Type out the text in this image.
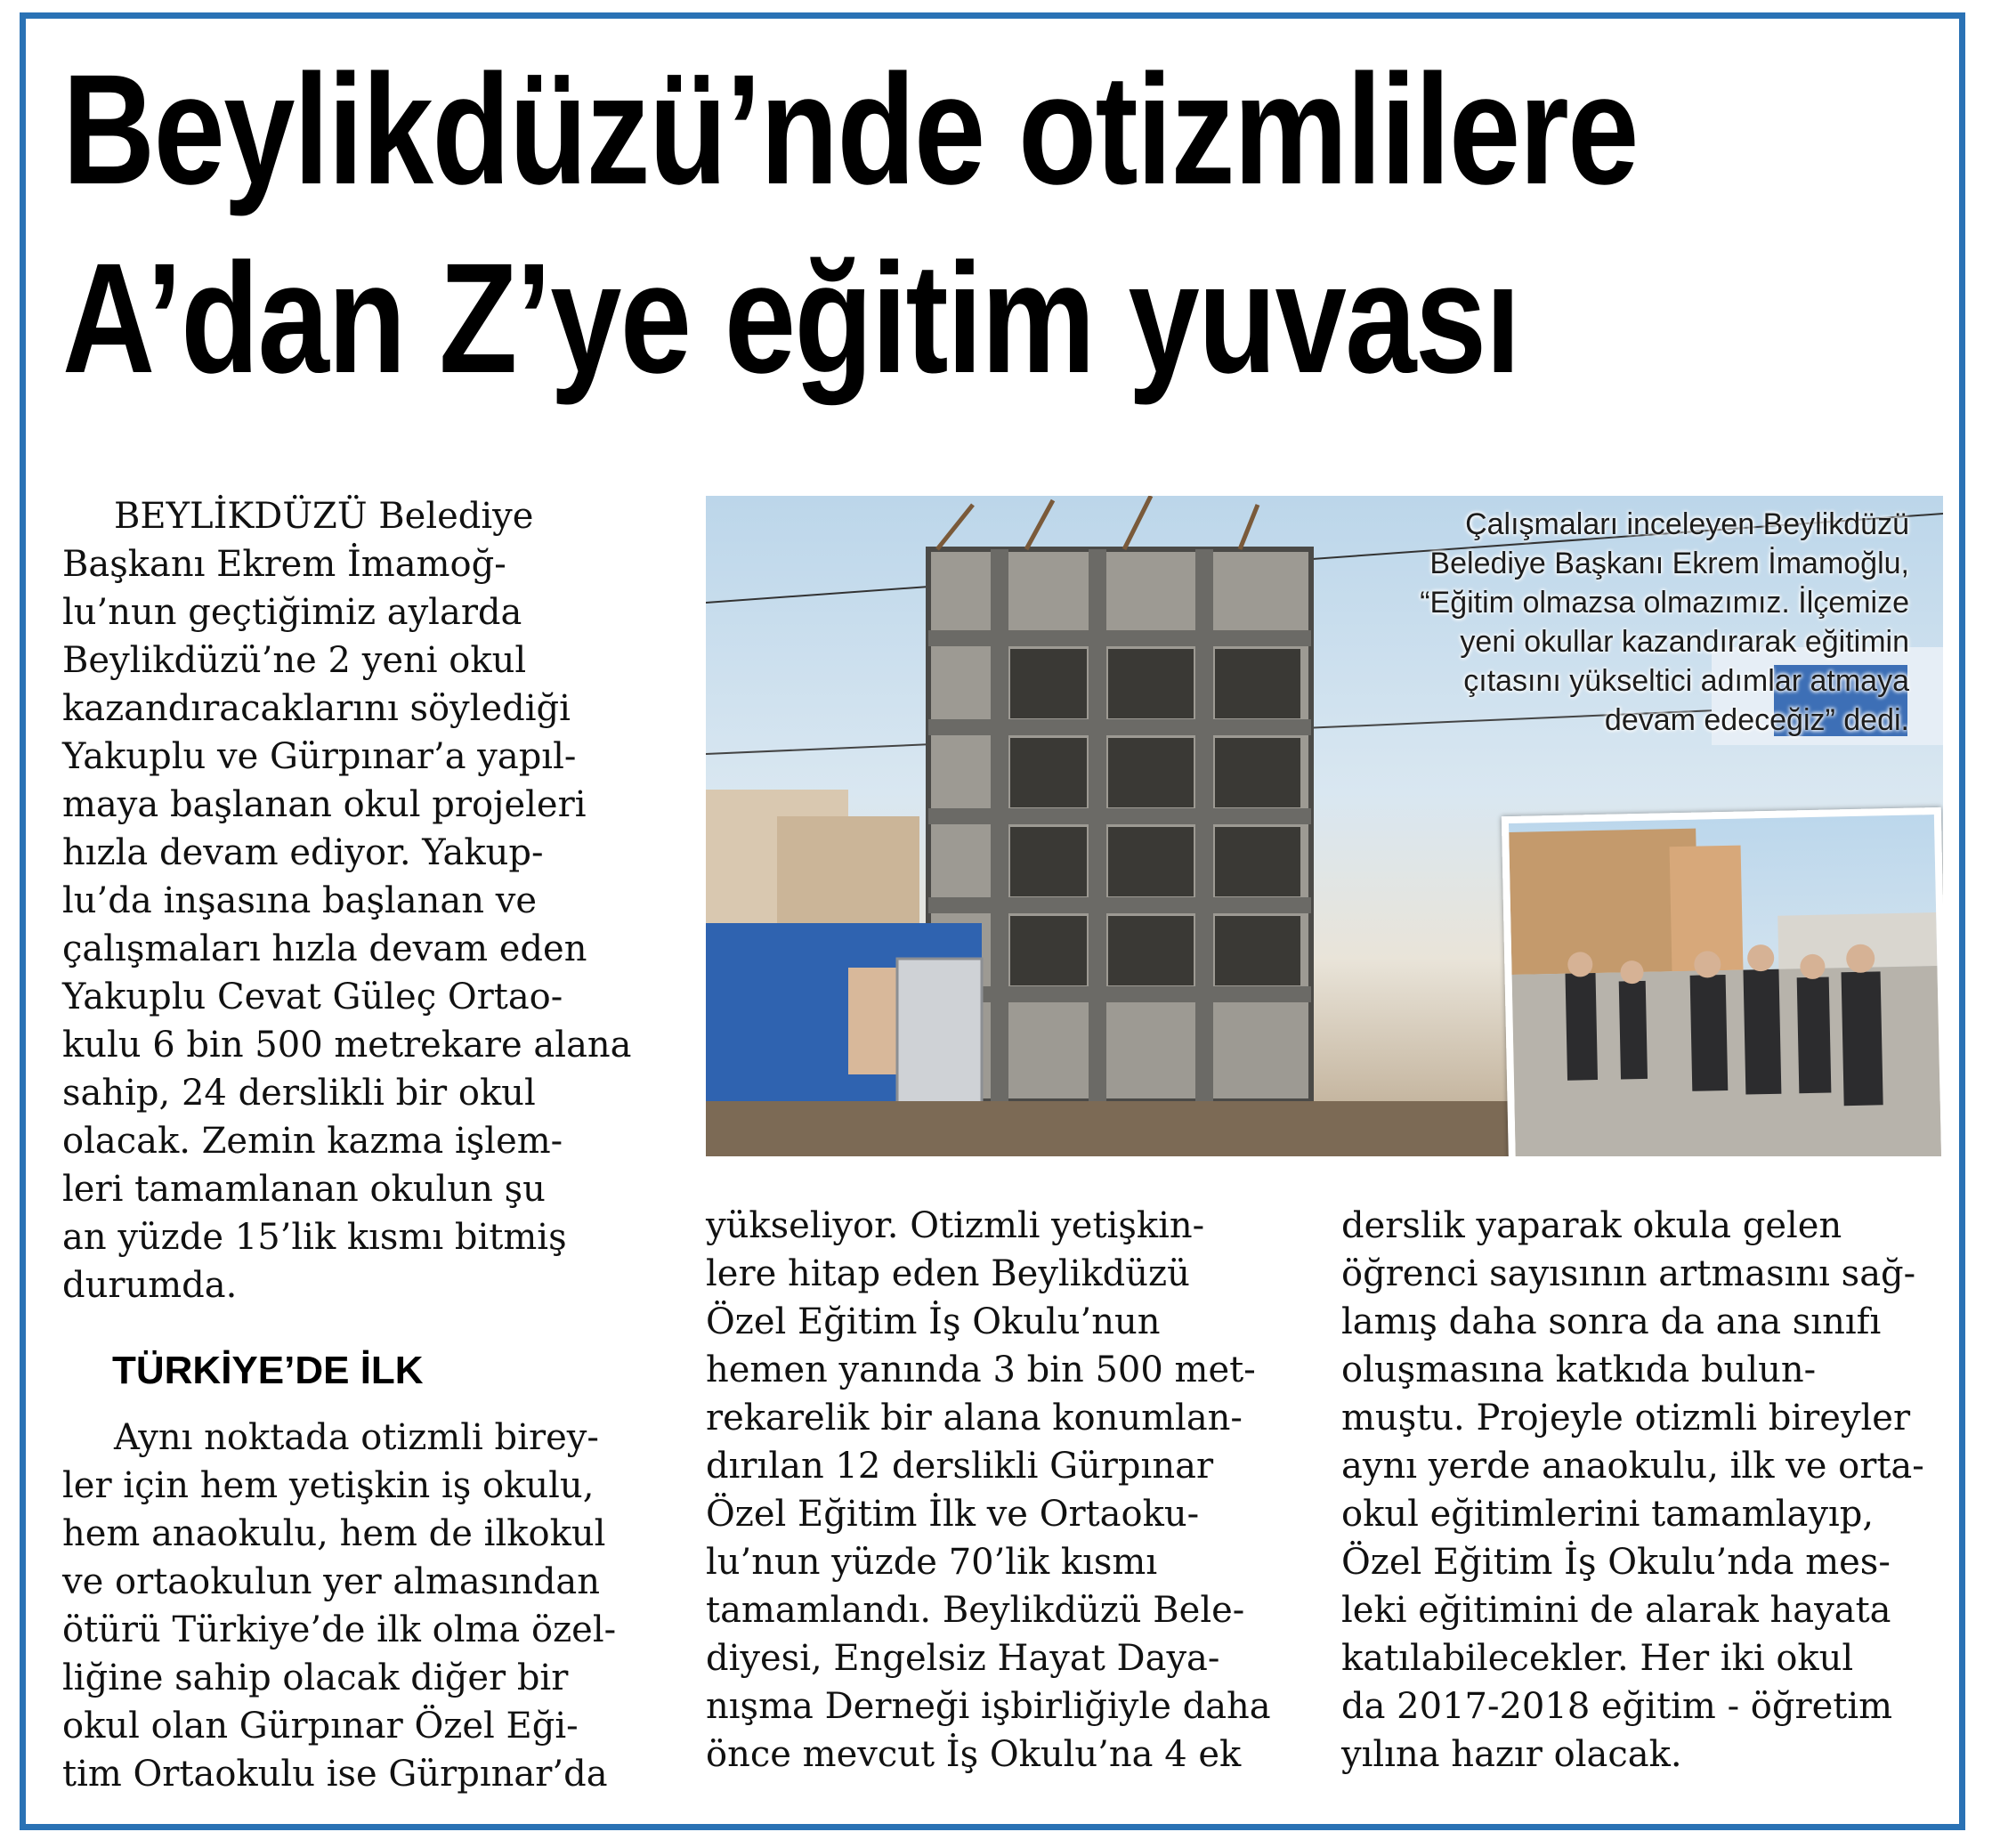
Beylikdüzü’nde otizmlilere
A’dan Z’ye eğitim yuvası

BEYLİKDÜZÜ Belediye

Başkanı Ekrem İmamoğ-

lu’nun geçtiğimiz aylarda

Beylikdüzü’ne 2 yeni okul

kazandıracaklarını söylediği

Yakuplu ve Gürpınar’a yapıl-

maya başlanan okul projeleri

hızla devam ediyor. Yakup-

lu’da inşasına başlanan ve

çalışmaları hızla devam eden

Yakuplu Cevat Güleç Ortao-

kulu 6 bin 500 metrekare alana

sahip, 24 derslikli bir okul

olacak. Zemin kazma işlem-

leri tamamlanan okulun şu

an yüzde 15’lik kısmı bitmiş

durumda.

TÜRKİYE’DE İLK

Aynı noktada otizmli birey-

ler için hem yetişkin iş okulu,

hem anaokulu, hem de ilkokul

ve ortaokulun yer almasından

ötürü Türkiye’de ilk olma özel-

liğine sahip olacak diğer bir

okul olan Gürpınar Özel Eği-

tim Ortaokulu ise Gürpınar’da

Çalışmaları inceleyen Beylikdüzü
Belediye Başkanı Ekrem İmamoğlu,
“Eğitim olmazsa olmazımız. İlçemize
yeni okullar kazandırarak eğitimin
çıtasını yükseltici adımlar atmaya
devam edeceğiz” dedi.

yükseliyor. Otizmli yetişkin-

lere hitap eden Beylikdüzü

Özel Eğitim İş Okulu’nun

hemen yanında 3 bin 500 met-

rekarelik bir alana konumlan-

dırılan 12 derslikli Gürpınar

Özel Eğitim İlk ve Ortaoku-

lu’nun yüzde 70’lik kısmı

tamamlandı. Beylikdüzü Bele-

diyesi, Engelsiz Hayat Daya-

nışma Derneği işbirliğiyle daha

önce mevcut İş Okulu’na 4 ek

derslik yaparak okula gelen

öğrenci sayısının artmasını sağ-

lamış daha sonra da ana sınıfı

oluşmasına katkıda bulun-

muştu. Projeyle otizmli bireyler

aynı yerde anaokulu, ilk ve orta-

okul eğitimlerini tamamlayıp,

Özel Eğitim İş Okulu’nda mes-

leki eğitimini de alarak hayata

katılabilecekler. Her iki okul

da 2017-2018 eğitim - öğretim

yılına hazır olacak.
